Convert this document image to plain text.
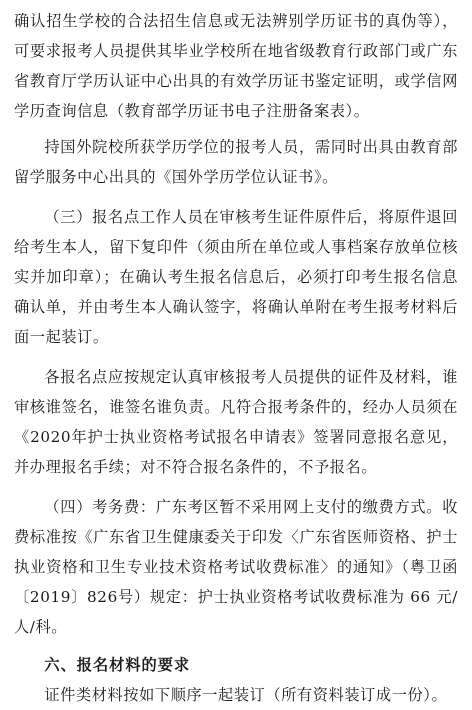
确认招生学校的合法招生信息或无法辨别学历证书的真伪等），可要求报考人员提供其毕业学校所在地省级教育行政部门或广东省教育厅学历认证中心出具的有效学历证书鉴定证明，或学信网学历查询信息（教育部学历证书电子注册备案表）。

持国外院校所获学历学位的报考人员，需同时出具由教育部留学服务中心出具的《国外学历学位认证书》。

（三）报名点工作人员在审核考生证件原件后，将原件退回给考生本人，留下复印件（须由所在单位或人事档案存放单位核实并加印章）；在确认考生报名信息后，必须打印考生报名信息确认单，并由考生本人确认签字，将确认单附在考生报考材料后面一起装订。

各报名点应按规定认真审核报考人员提供的证件及材料，谁审核谁签名，谁签名谁负责。凡符合报考条件的，经办人员须在《2020年护士执业资格考试报名申请表》签署同意报名意见，并办理报名手续；对不符合报名条件的，不予报名。

（四）考务费：广东考区暂不采用网上支付的缴费方式。收费标准按《广东省卫生健康委关于印发〈广东省医师资格、护士执业资格和卫生专业技术资格考试收费标准〉的通知》（粤卫函〔2019〕826号）规定：护士执业资格考试收费标准为 66 元/人/科。

六、报名材料的要求

证件类材料按如下顺序一起装订（所有资料装订成一份）。
